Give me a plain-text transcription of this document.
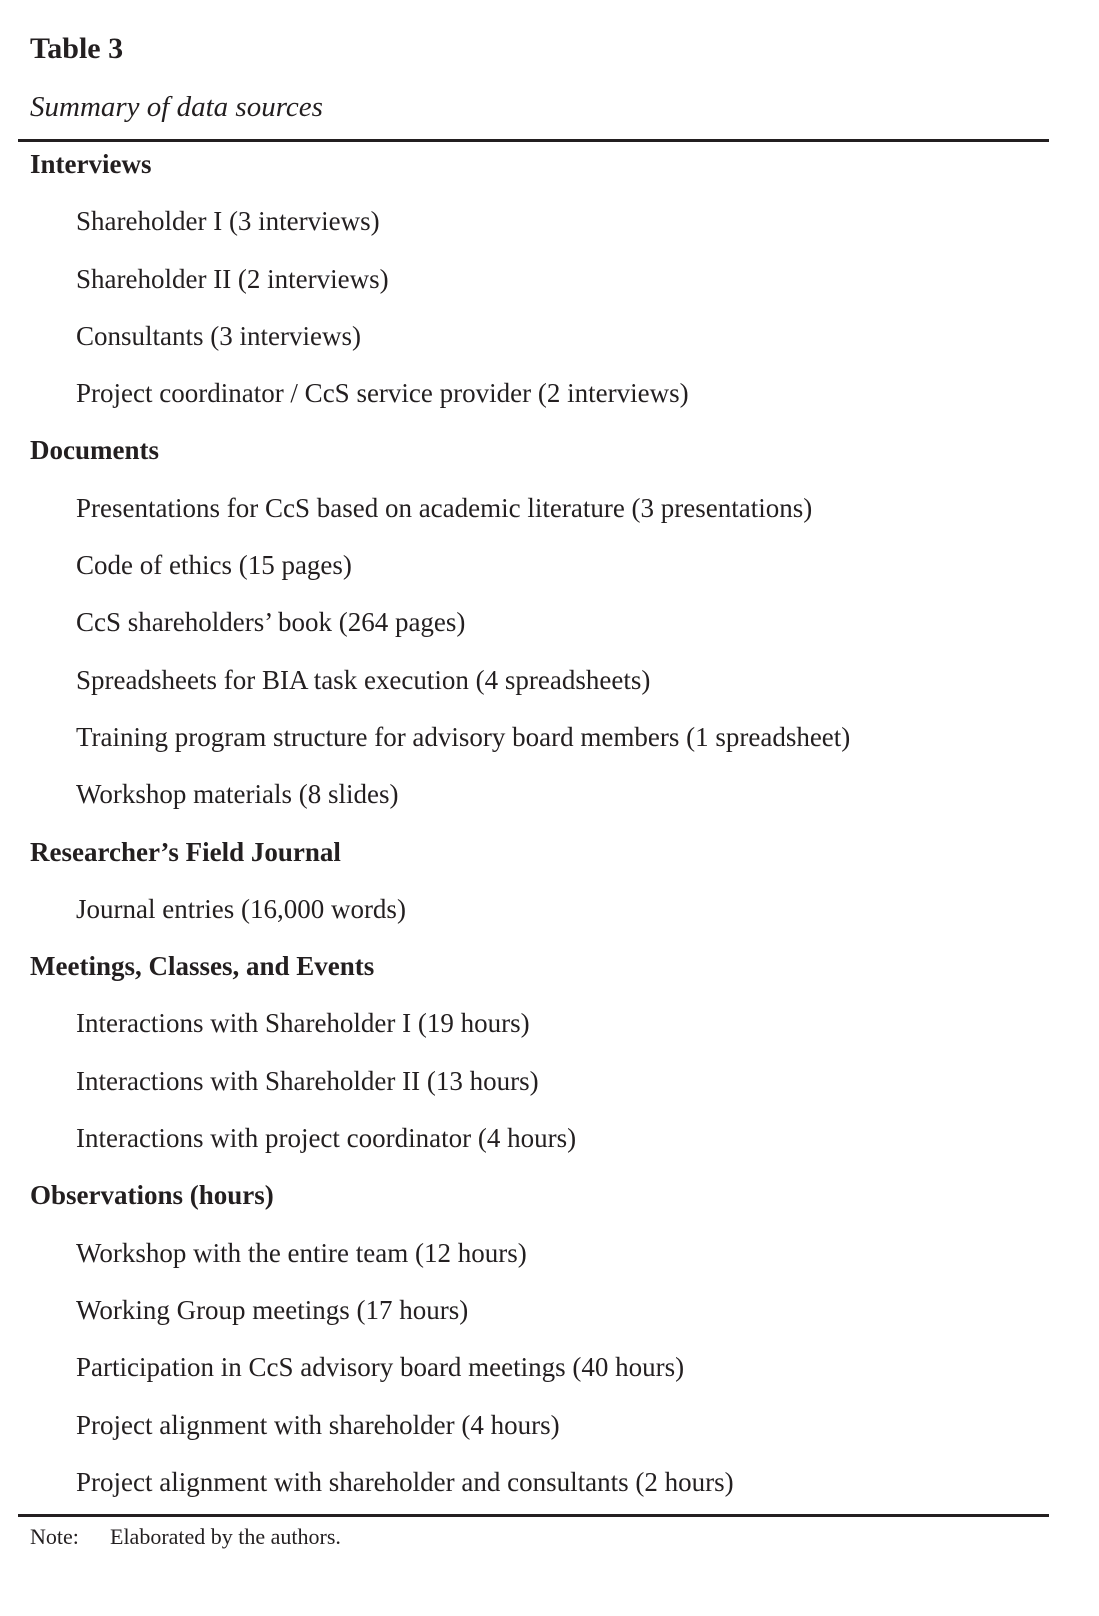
Table 3
Summary of data sources
Interviews
Shareholder I (3 interviews)
Shareholder II (2 interviews)
Consultants (3 interviews)
Project coordinator / CcS service provider (2 interviews)
Documents
Presentations for CcS based on academic literature (3 presentations)
Code of ethics (15 pages)
CcS shareholders’ book (264 pages)
Spreadsheets for BIA task execution (4 spreadsheets)
Training program structure for advisory board members (1 spreadsheet)
Workshop materials (8 slides)
Researcher’s Field Journal
Journal entries (16,000 words)
Meetings, Classes, and Events
Interactions with Shareholder I (19 hours)
Interactions with Shareholder II (13 hours)
Interactions with project coordinator (4 hours)
Observations (hours)
Workshop with the entire team (12 hours)
Working Group meetings (17 hours)
Participation in CcS advisory board meetings (40 hours)
Project alignment with shareholder (4 hours)
Project alignment with shareholder and consultants (2 hours)
Note: Elaborated by the authors.
